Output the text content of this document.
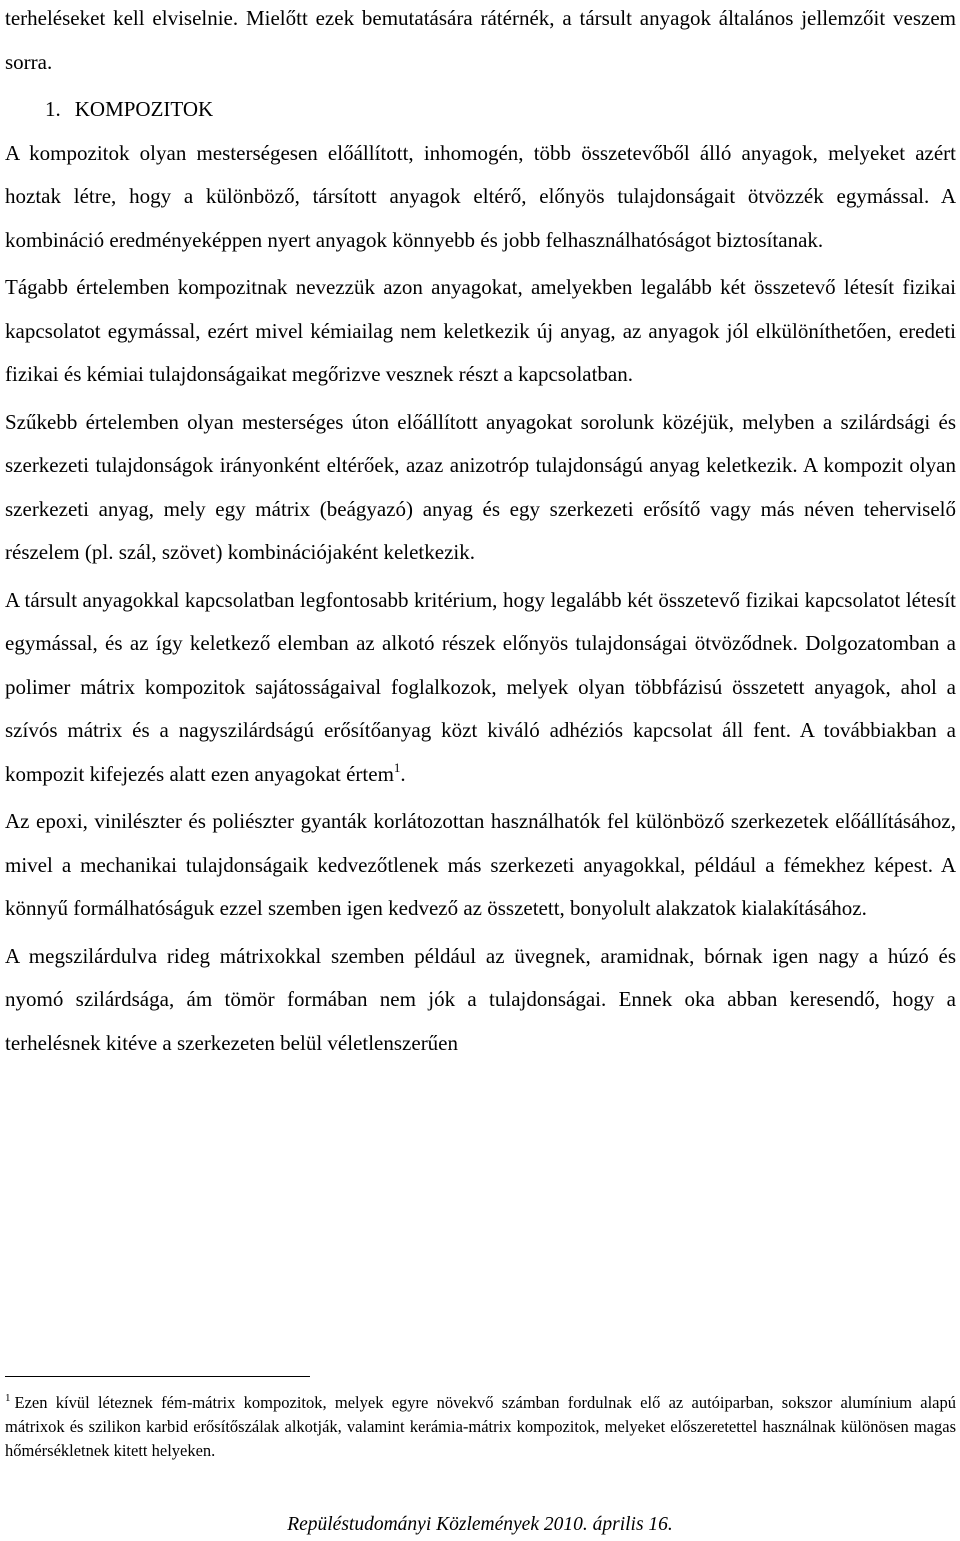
terheléseket kell elviselnie. Mielőtt ezek bemutatására rátérnék, a társult anyagok általános jellemzőit veszem sorra.

1. KOMPOZITOK

A kompozitok olyan mesterségesen előállított, inhomogén, több összetevőből álló anyagok, melyeket azért hoztak létre, hogy a különböző, társított anyagok eltérő, előnyös tulajdonságait ötvözzék egymással. A kombináció eredményeképpen nyert anyagok könnyebb és jobb felhasználhatóságot biztosítanak.

Tágabb értelemben kompozitnak nevezzük azon anyagokat, amelyekben legalább két összetevő létesít fizikai kapcsolatot egymással, ezért mivel kémiailag nem keletkezik új anyag, az anyagok jól elkülöníthetően, eredeti fizikai és kémiai tulajdonságaikat megőrizve vesznek részt a kapcsolatban.

Szűkebb értelemben olyan mesterséges úton előállított anyagokat sorolunk közéjük, melyben a szilárdsági és szerkezeti tulajdonságok irányonként eltérőek, azaz anizotróp tulajdonságú anyag keletkezik. A kompozit olyan szerkezeti anyag, mely egy mátrix (beágyazó) anyag és egy szerkezeti erősítő vagy más néven teherviselő részelem (pl. szál, szövet) kombinációjaként keletkezik.

A társult anyagokkal kapcsolatban legfontosabb kritérium, hogy legalább két összetevő fizikai kapcsolatot létesít egymással, és az így keletkező elemban az alkotó részek előnyös tulajdonságai ötvöződnek. Dolgozatomban a polimer mátrix kompozitok sajátosságaival foglalkozok, melyek olyan többfázisú összetett anyagok, ahol a szívós mátrix és a nagyszilárdságú erősítőanyag közt kiváló adhéziós kapcsolat áll fent. A továbbiakban a kompozit kifejezés alatt ezen anyagokat értem$^1$.

Az epoxi, vinilészter és poliészter gyanták korlátozottan használhatók fel különböző szerkezetek előállításához, mivel a mechanikai tulajdonságaik kedvezőtlenek más szerkezeti anyagokkal, például a fémekhez képest. A könnyű formálhatóságuk ezzel szemben igen kedvező az összetett, bonyolult alakzatok kialakításához.

A megszilárdulva rideg mátrixokkal szemben például az üvegnek, aramidnak, bórnak igen nagy a húzó és nyomó szilárdsága, ám tömör formában nem jók a tulajdonságai. Ennek oka abban keresendő, hogy a terhelésnek kitéve a szerkezeten belül véletlenszerűen

$^1$ Ezen kívül léteznek fém-mátrix kompozitok, melyek egyre növekvő számban fordulnak elő az autóiparban, sokszor alumínium alapú mátrixok és szilikon karbid erősítőszálak alkotják, valamint kerámia-mátrix kompozitok, melyeket előszeretettel használnak különösen magas hőmérsékletnek kitett helyeken.

Repüléstudományi Közlemények 2010. április 16.
